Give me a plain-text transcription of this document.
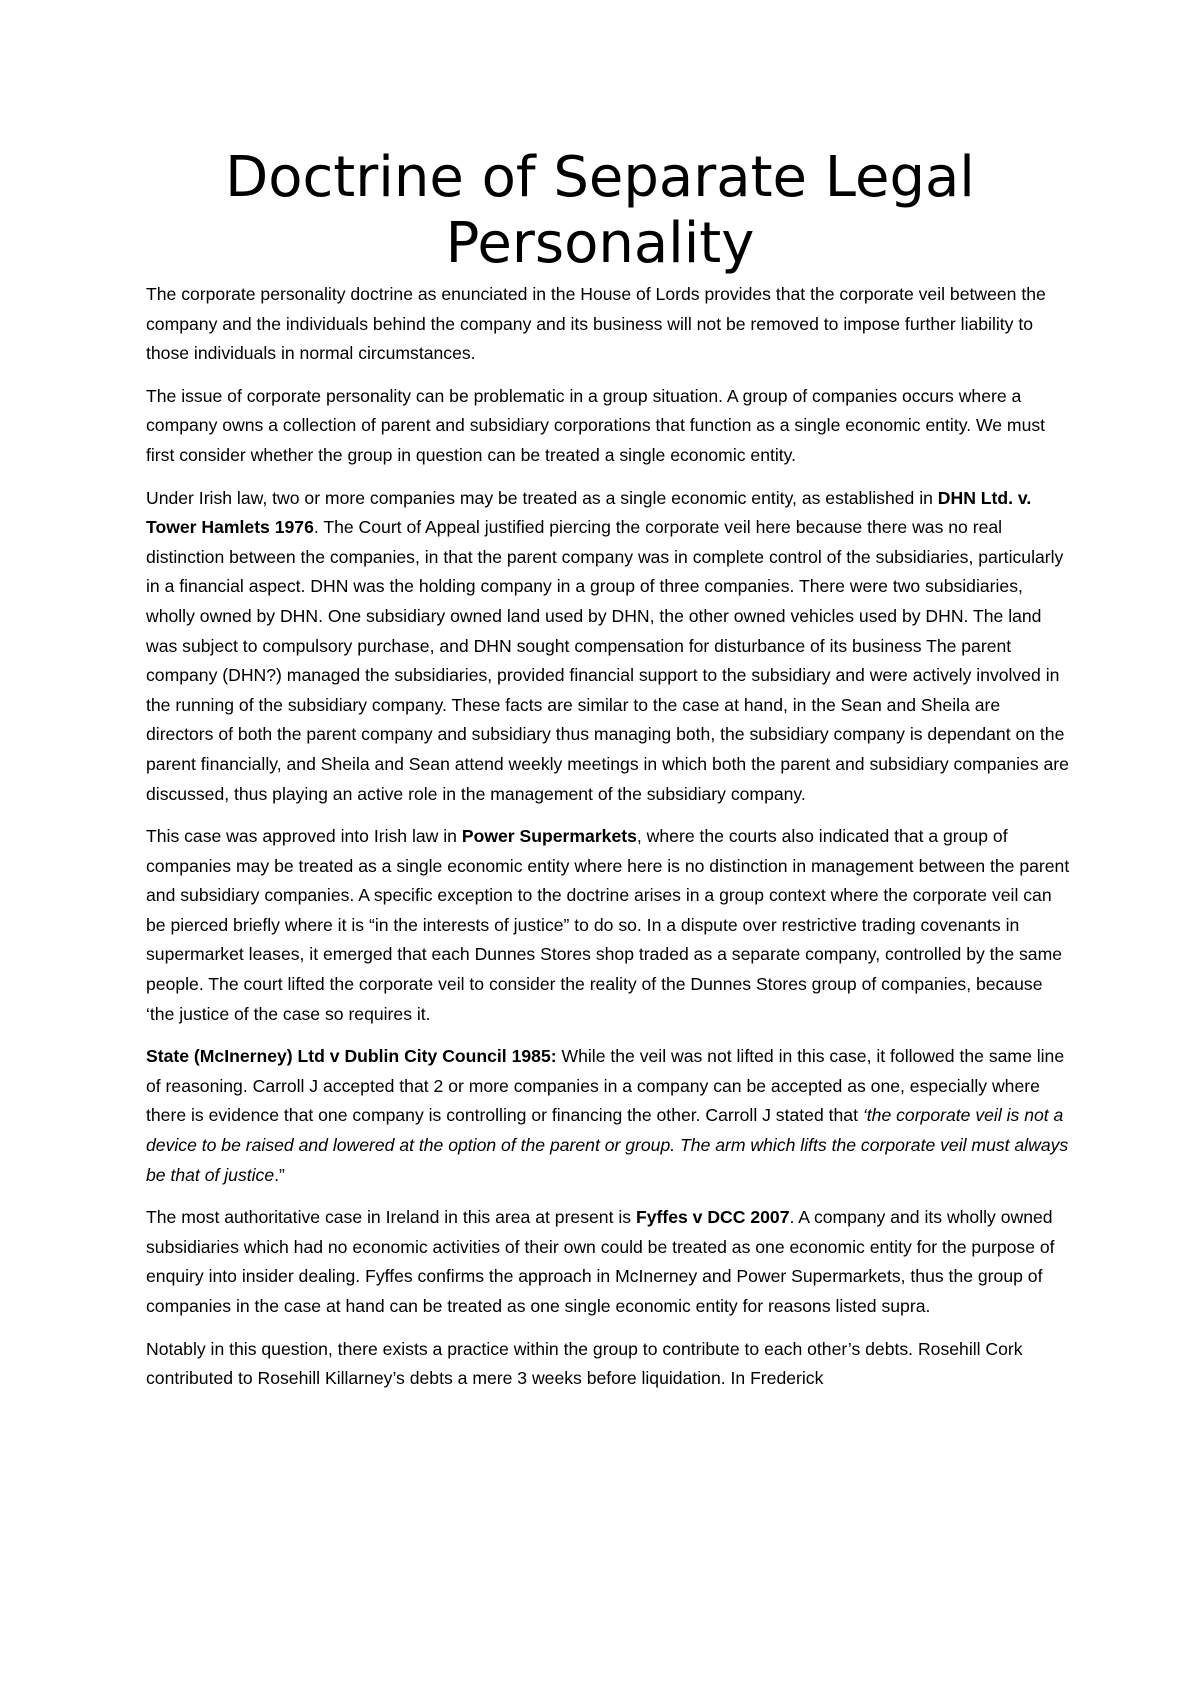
Doctrine of Separate Legal
Personality

The corporate personality doctrine as enunciated in the House of Lords provides that the corporate veil between the company and the individuals behind the company and its business will not be removed to impose further liability to those individuals in normal circumstances.

The issue of corporate personality can be problematic in a group situation. A group of companies occurs where a company owns a collection of parent and subsidiary corporations that function as a single economic entity. We must first consider whether the group in question can be treated a single economic entity.

Under Irish law, two or more companies may be treated as a single economic entity, as established in DHN Ltd. v. Tower Hamlets 1976. The Court of Appeal justified piercing the corporate veil here because there was no real distinction between the companies, in that the parent company was in complete control of the subsidiaries, particularly in a financial aspect. DHN was the holding company in a group of three companies. There were two subsidiaries, wholly owned by DHN. One subsidiary owned land used by DHN, the other owned vehicles used by DHN. The land was subject to compulsory purchase, and DHN sought compensation for disturbance of its business The parent company (DHN?) managed the subsidiaries, provided financial support to the subsidiary and were actively involved in the running of the subsidiary company. These facts are similar to the case at hand, in the Sean and Sheila are directors of both the parent company and subsidiary thus managing both, the subsidiary company is dependant on the parent financially, and Sheila and Sean attend weekly meetings in which both the parent and subsidiary companies are discussed, thus playing an active role in the management of the subsidiary company.

This case was approved into Irish law in Power Supermarkets, where the courts also indicated that a group of companies may be treated as a single economic entity where here is no distinction in management between the parent and subsidiary companies. A specific exception to the doctrine arises in a group context where the corporate veil can be pierced briefly where it is “in the interests of justice” to do so. In a dispute over restrictive trading covenants in supermarket leases, it emerged that each Dunnes Stores shop traded as a separate company, controlled by the same people. The court lifted the corporate veil to consider the reality of the Dunnes Stores group of companies, because ‘the justice of the case so requires it.

State (McInerney) Ltd v Dublin City Council 1985: While the veil was not lifted in this case, it followed the same line of reasoning. Carroll J accepted that 2 or more companies in a company can be accepted as one, especially where there is evidence that one company is controlling or financing the other. Carroll J stated that ‘the corporate veil is not a device to be raised and lowered at the option of the parent or group. The arm which lifts the corporate veil must always be that of justice.”

The most authoritative case in Ireland in this area at present is Fyffes v DCC 2007. A company and its wholly owned subsidiaries which had no economic activities of their own could be treated as one economic entity for the purpose of enquiry into insider dealing. Fyffes confirms the approach in McInerney and Power Supermarkets, thus the group of companies in the case at hand can be treated as one single economic entity for reasons listed supra.

Notably in this question, there exists a practice within the group to contribute to each other’s debts. Rosehill Cork contributed to Rosehill Killarney’s debts a mere 3 weeks before liquidation. In Frederick
